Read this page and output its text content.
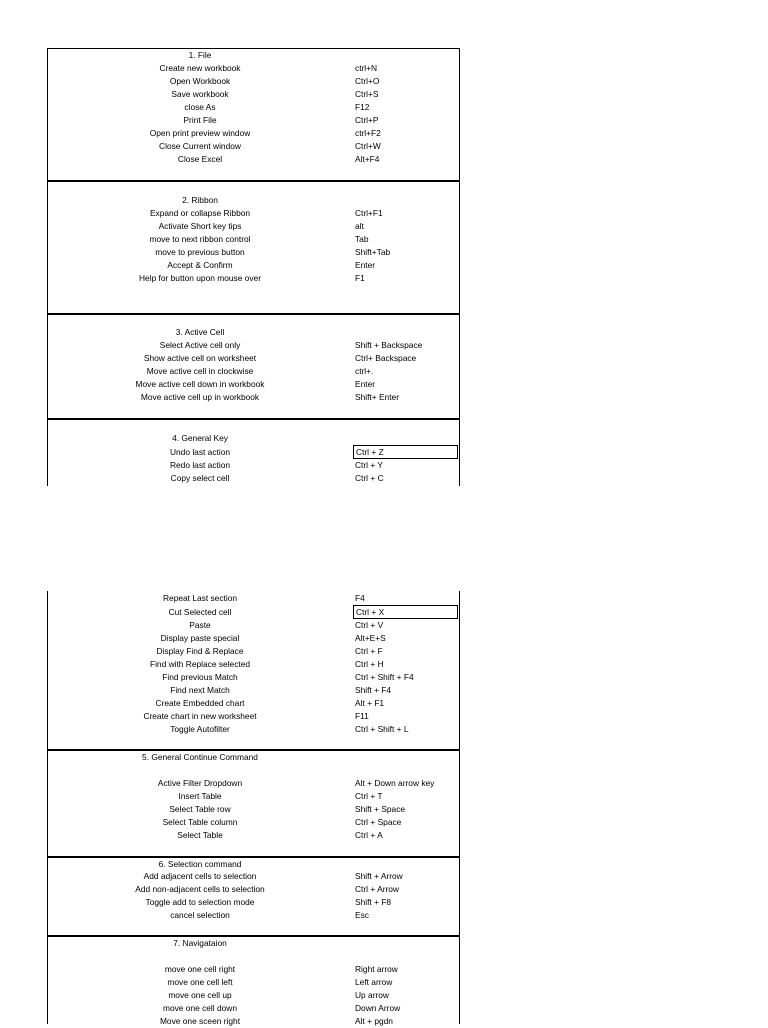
1. File
Create new workbook	ctrl+N
Open Workbook	Ctrl+O
Save workbook	Ctrl+S
close As	F12
Print File	Ctrl+P
Open print preview window	ctrl+F2
Close Current window	Ctrl+W
Close Excel	Alt+F4
2. Ribbon
Expand or collapse Ribbon	Ctrl+F1
Activate Short key tips	alt
move to next ribbon control	Tab
move to previous button	Shift+Tab
Accept & Confirm	Enter
Help for button upon mouse over	F1
3. Active Cell
Select Active cell only	Shift + Backspace
Show active cell on worksheet	Ctrl+ Backspace
Move active cell in clockwise	ctrl+.
Move active cell down in workbook	Enter
Move active cell up in workbook	Shift+ Enter
4. General Key
Undo last action	Ctrl + Z
Redo last action	Ctrl + Y
Copy select cell	Ctrl + C
Repeat Last section	F4
Cut Selected cell	Ctrl + X
Paste	Ctrl + V
Display paste special	Alt+E+S
Display Find & Replace	Ctrl + F
Find with Replace selected	Ctrl + H
Find previous Match	Ctrl + Shift + F4
Find next Match	Shift + F4
Create Embedded chart	Alt + F1
Create chart in new worksheet	F11
Toggle Autofilter	Ctrl + Shift + L
5. General Continue Command
Active Filter Dropdown	Alt + Down arrow key
Insert Table	Ctrl + T
Select Table row	Shift + Space
Select Table column	Ctrl + Space
Select Table	Ctrl + A
6. Selection command
Add adjacent cells to selection	Shift + Arrow
Add non-adjacent cells to selection	Ctrl + Arrow
Toggle add to selection mode	Shift + F8
cancel selection	Esc
7. Navigataion
move one cell right	Right arrow
move one cell left	Left arrow
move one cell up	Up arrow
move one cell down	Down Arrow
Move one sceen right	Alt + pgdn
